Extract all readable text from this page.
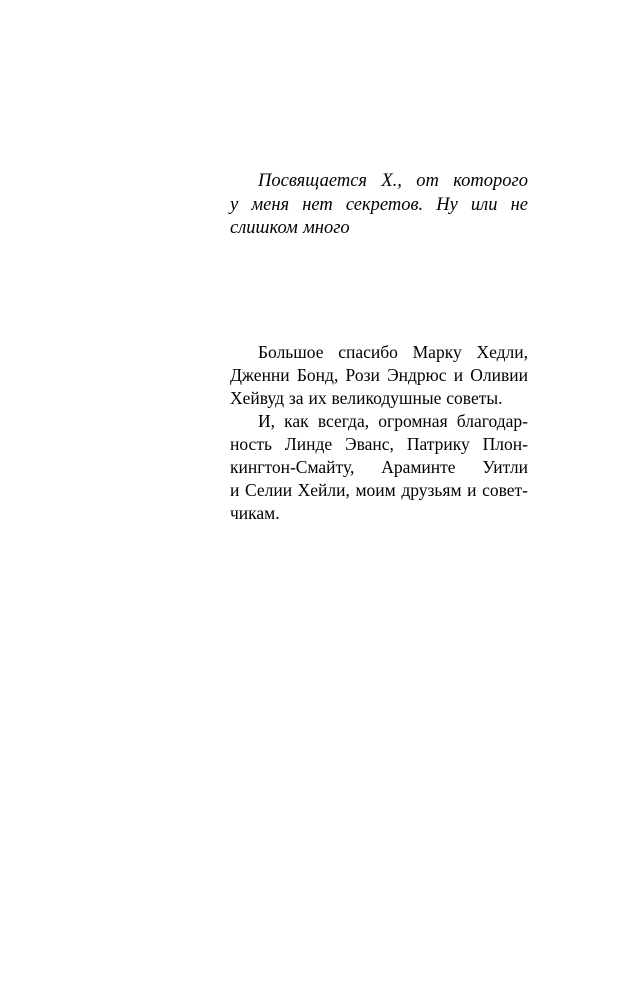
Посвящается Х., от которого
у меня нет секретов. Ну или не
слишком много
Большое спасибо Марку Хедли,
Дженни Бонд, Рози Эндрюс и Оливии
Хейвуд за их великодушные советы.
И, как всегда, огромная благодар-
ность Линде Эванс, Патрику Плон-
кингтон-Смайту, Араминте Уитли
и Селии Хейли, моим друзьям и совет-
чикам.
